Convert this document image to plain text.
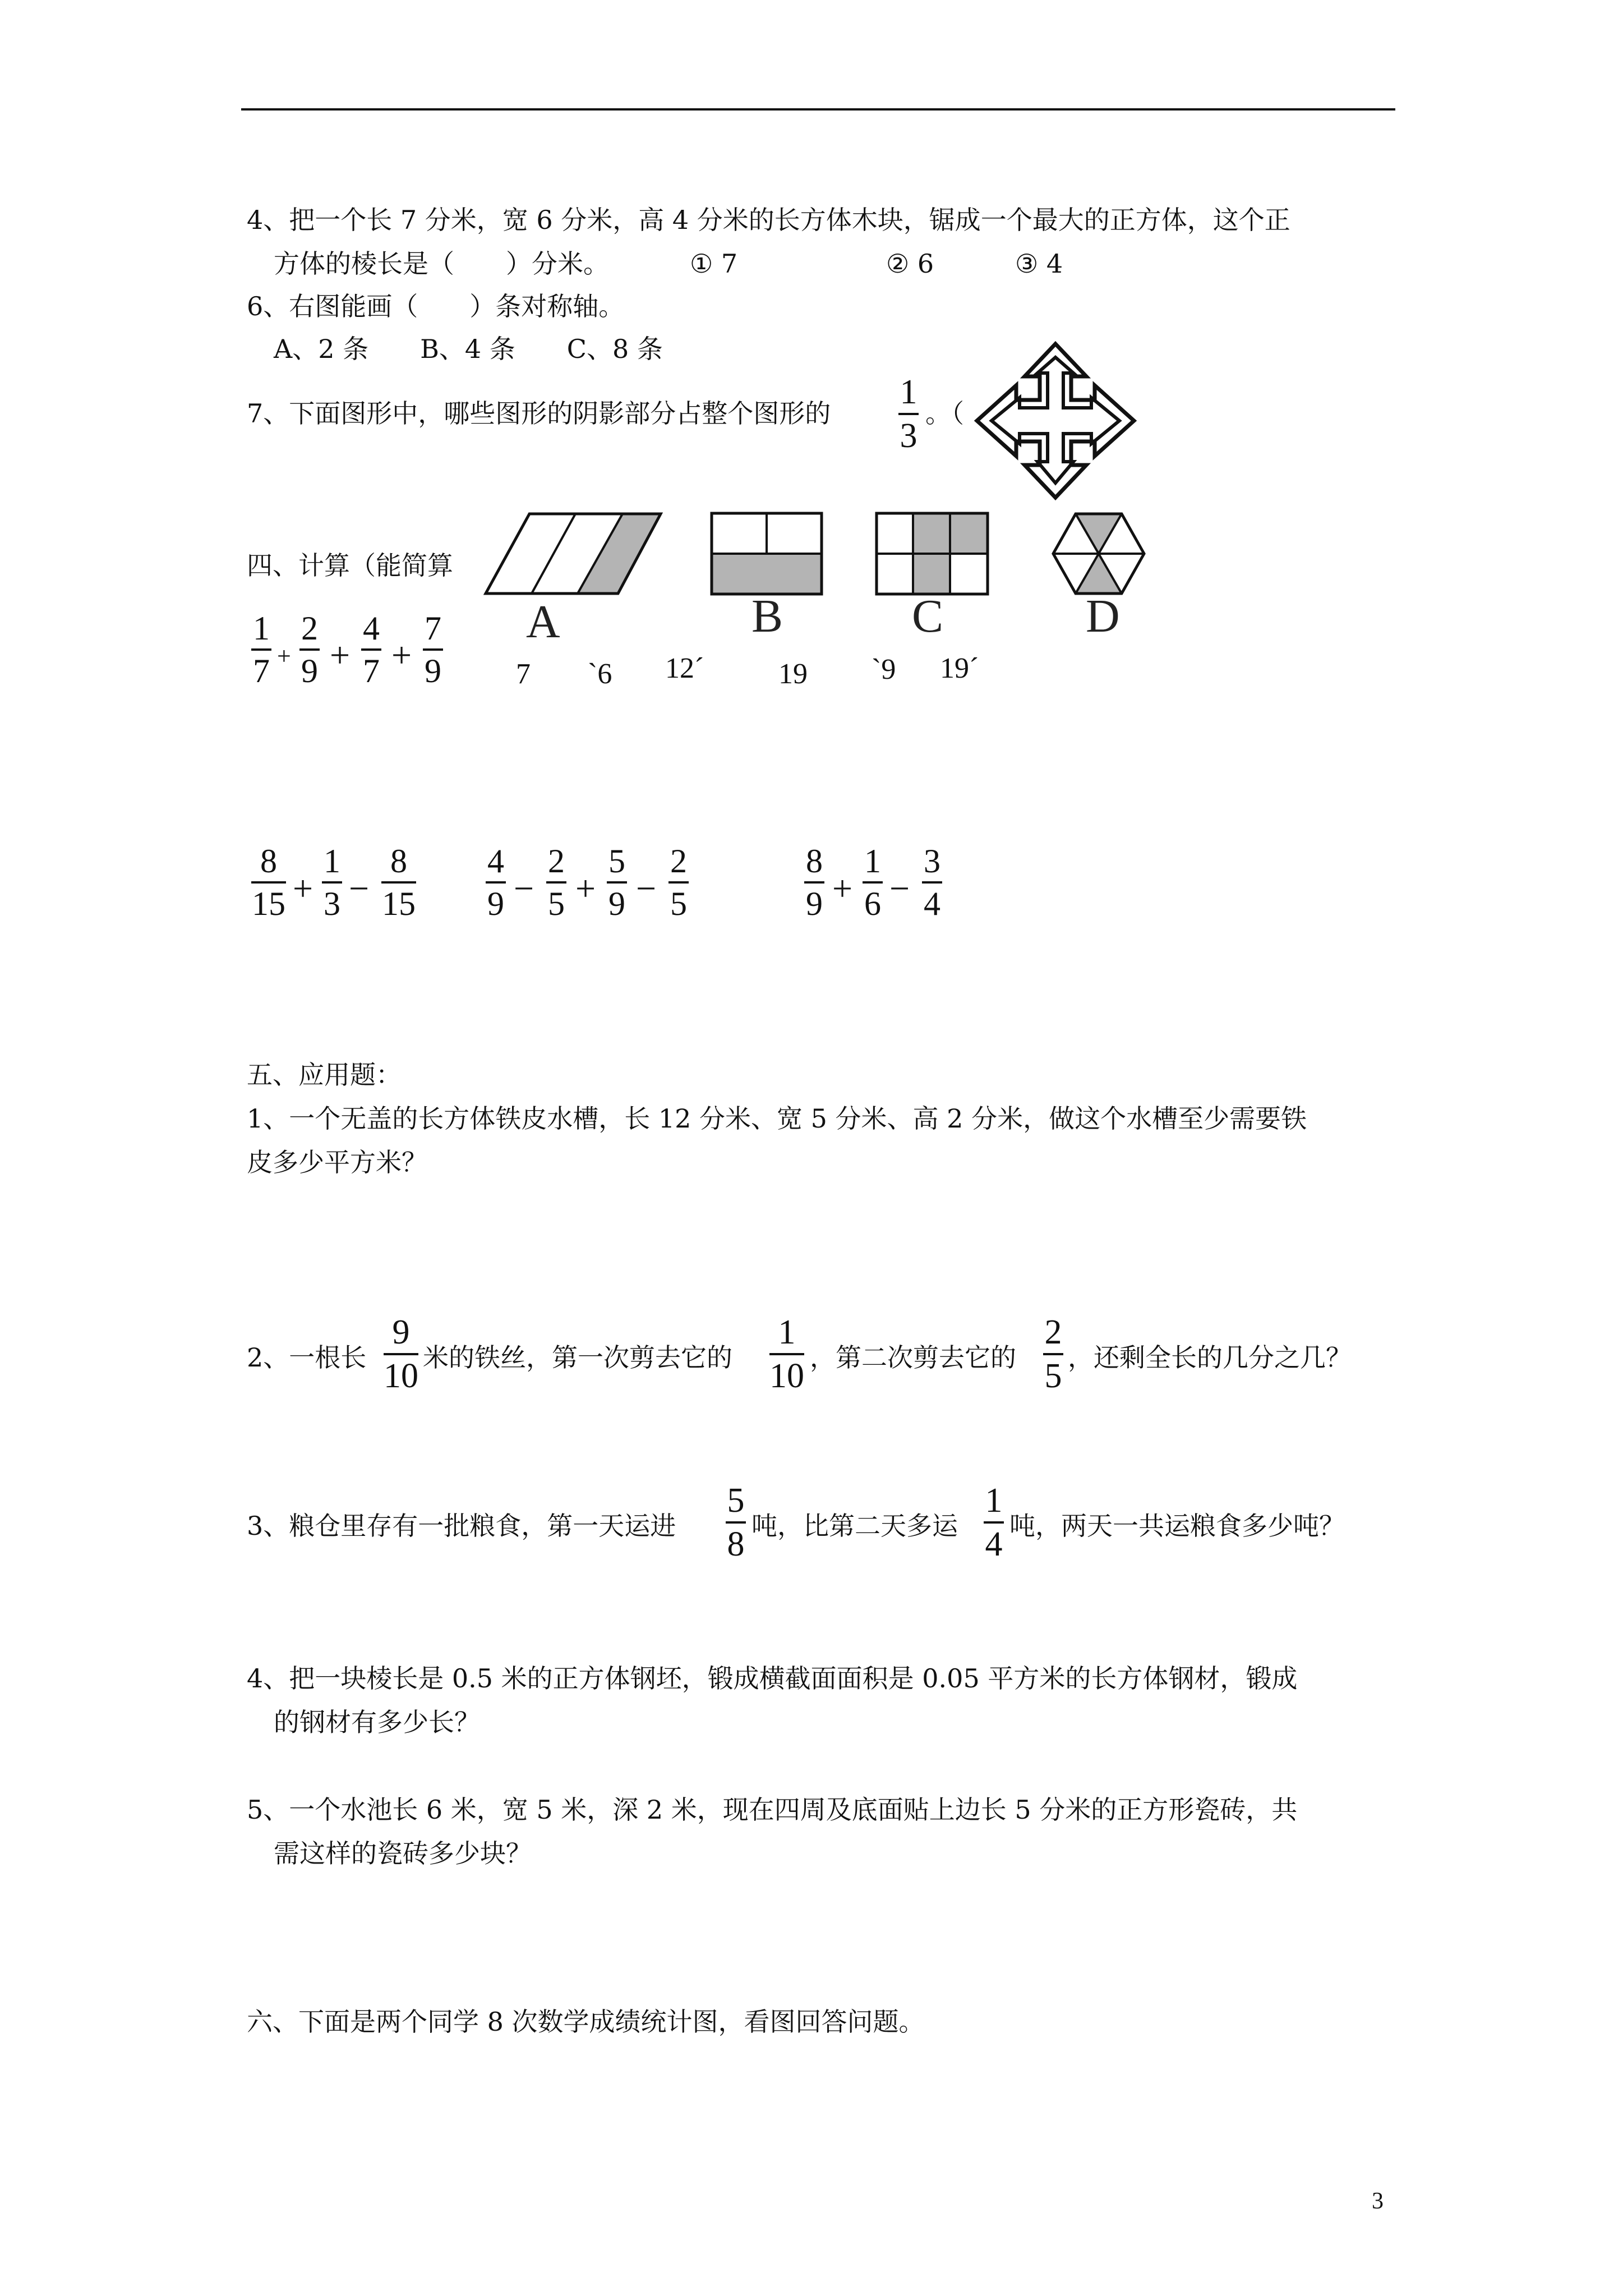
4、把一个长 7 分米，宽 6 分米，高 4 分米的长方体木块，锯成一个最大的正方体，这个正
方体的棱长是（　　）分米。	① 7	② 6	③ 4
6、右图能画（　　）条对称轴。
A、2 条　　B、4 条　　C、8 条
7、下面图形中，哪些图形的阴影部分占整个图形的
1
3
。（
四、计算（能简算
A	B	C	D
1
7 +
2
9 +
4
7 +
7
9	7 `6 12´	19 `9 19´
8
15 +
1
3 −
8
15
4
9 −
2
5 +
5
9 −
2
5
8
9 +
1
6 −
3
4
五、应用题：
1、一个无盖的长方体铁皮水槽，长 12 分米、宽 5 分米、高 2 分米，做这个水槽至少需要铁
皮多少平方米？
2、一根长
9
10 米的铁丝，第一次剪去它的
1
10 ，第二次剪去它的
2
5 ，还剩全长的几分之几？
3、粮仓里存有一批粮食，第一天运进
5
8 吨，比第二天多运
1
4 吨，两天一共运粮食多少吨？
4、把一块棱长是 0.5 米的正方体钢坯，锻成横截面面积是 0.05 平方米的长方体钢材，锻成
的钢材有多少长？
5、一个水池长 6 米，宽 5 米，深 2 米，现在四周及底面贴上边长 5 分米的正方形瓷砖，共
需这样的瓷砖多少块？
六、下面是两个同学 8 次数学成绩统计图，看图回答问题。
3
